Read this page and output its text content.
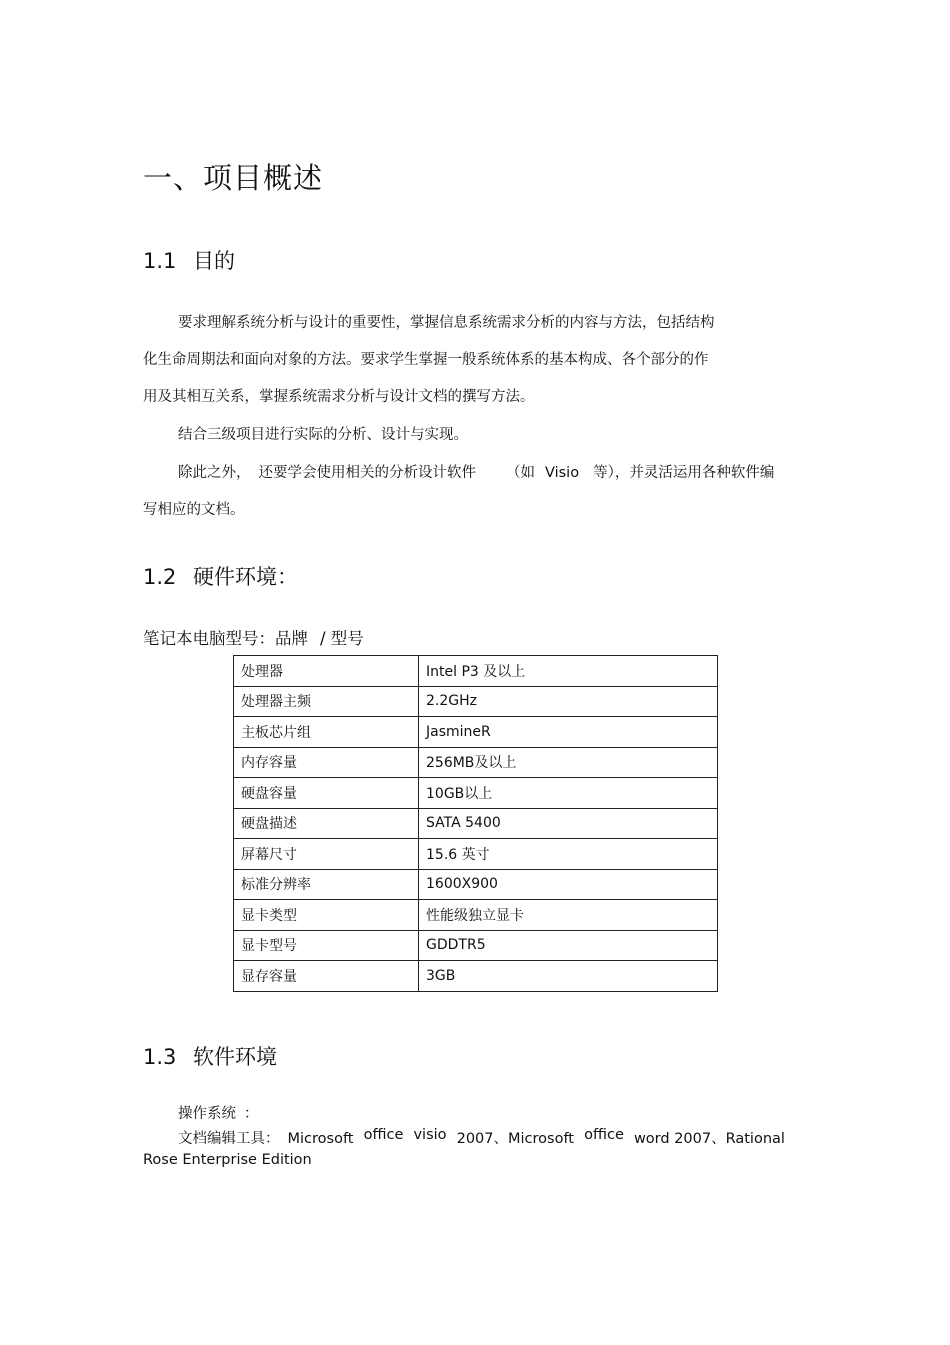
一、项目概述
1.1 目的
要求理解系统分析与设计的重要性，掌握信息系统需求分析的内容与方法，包括结构
化生命周期法和面向对象的方法。要求学生掌握一般系统体系的基本构成、各个部分的作
用及其相互关系，掌握系统需求分析与设计文档的撰写方法。
结合三级项目进行实际的分析、设计与实现。
除此之外， 还要学会使用相关的分析设计软件 （如 Visio 等），并灵活运用各种软件编
写相应的文档。
1.2 硬件环境：
笔记本电脑型号：品牌 / 型号
处理器	Intel P3 及以上
处理器主频	2.2GHz
主板芯片组	JasmineR
内存容量	256MB及以上
硬盘容量	10GB以上
硬盘描述	SATA 5400
屏幕尺寸	15.6 英寸
标准分辨率	1600X900
显卡类型	性能级独立显卡
显卡型号	GDDTR5
显存容量	3GB
1.3 软件环境
操作系统 ：
文档编辑工具： Microsoft office visio 2007、Microsoft office word 2007、Rational
Rose Enterprise Edition
